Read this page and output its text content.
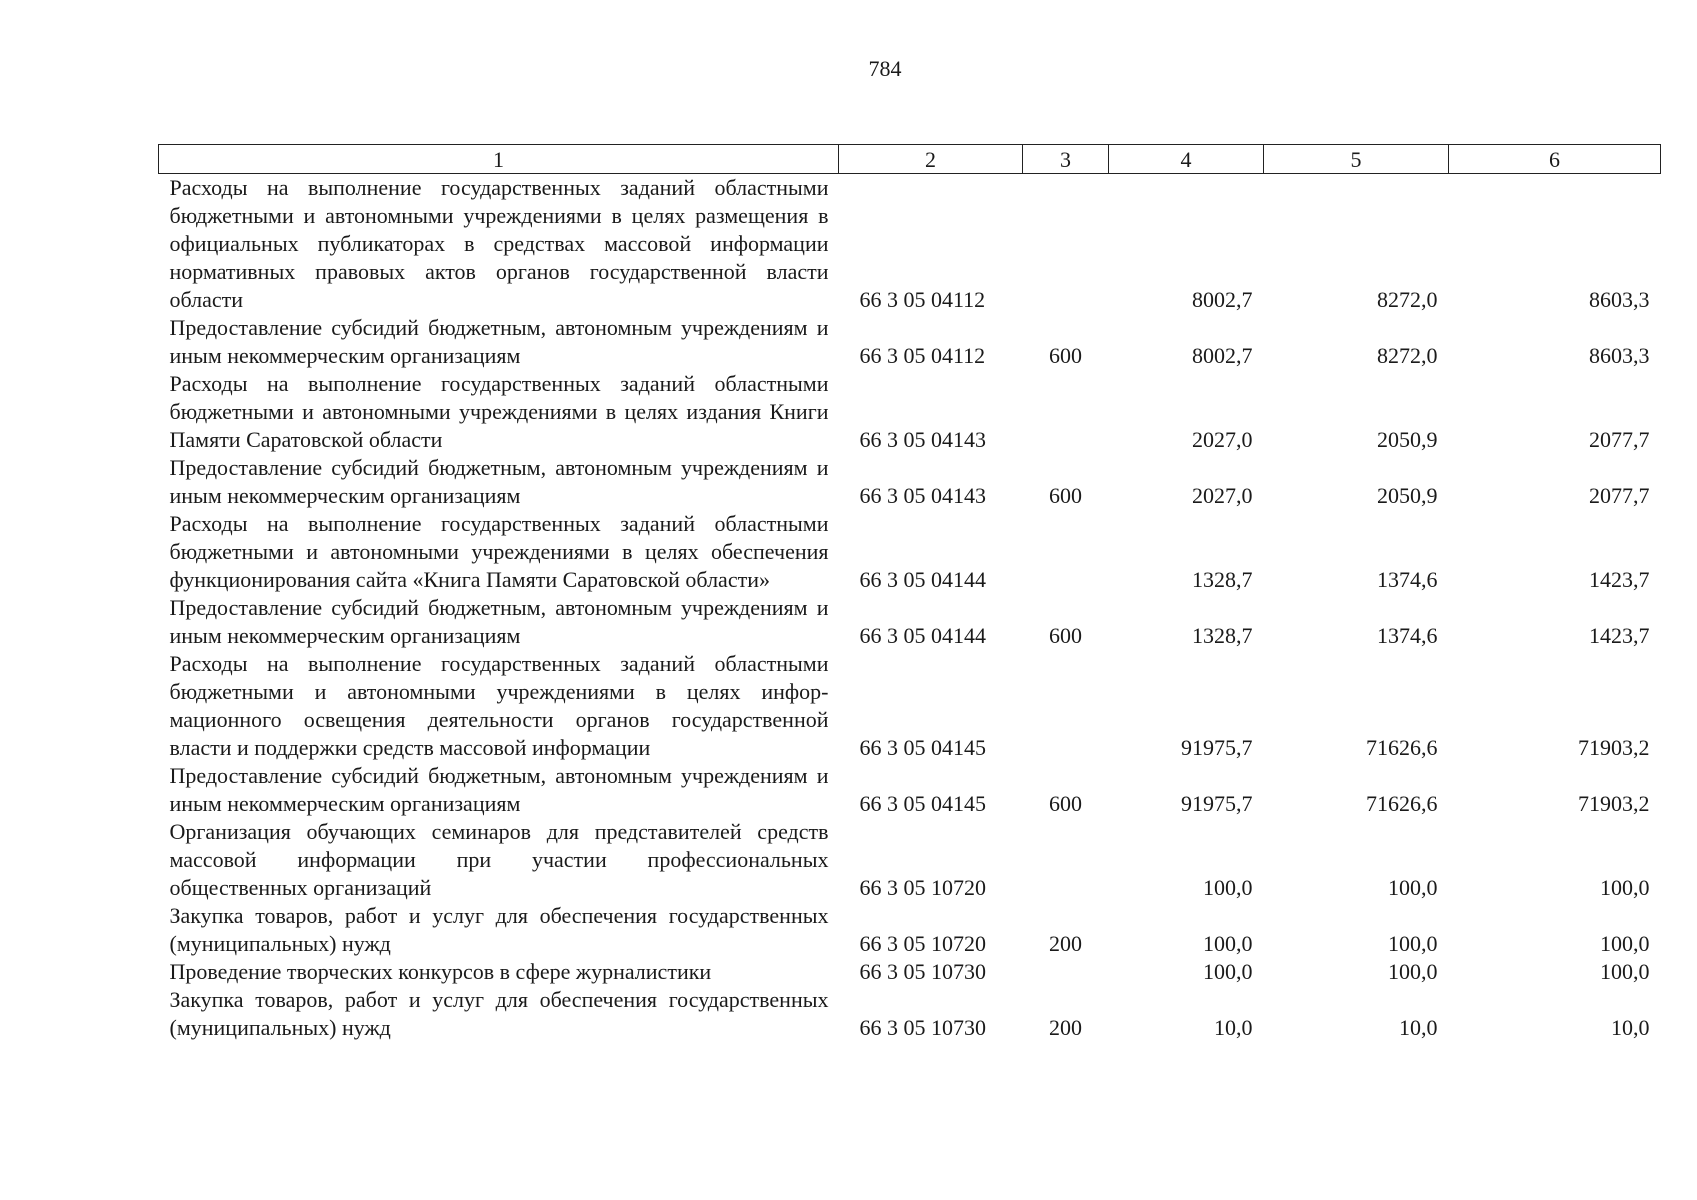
784
1	2	3	4	5	6
Расходы на выполнение государственных заданий областными бюджетными и автономными учреждениями в целях размещения в официальных публикаторах в средствах массовой информации нормативных правовых актов органов государственной власти области	66 3 05 04112		8002,7	8272,0	8603,3
Предоставление субсидий бюджетным, автономным учреждениям и иным некоммерческим организациям	66 3 05 04112	600	8002,7	8272,0	8603,3
Расходы на выполнение государственных заданий областными бюджетными и автономными учреждениями в целях издания Книги Памяти Саратовской области	66 3 05 04143		2027,0	2050,9	2077,7
Предоставление субсидий бюджетным, автономным учреждениям и иным некоммерческим организациям	66 3 05 04143	600	2027,0	2050,9	2077,7
Расходы на выполнение государственных заданий областными бюджетными и автономными учреждениями в целях обеспечения функционирования сайта «Книга Памяти Саратовской области»	66 3 05 04144		1328,7	1374,6	1423,7
Предоставление субсидий бюджетным, автономным учреждениям и иным некоммерческим организациям	66 3 05 04144	600	1328,7	1374,6	1423,7
Расходы на выполнение государственных заданий областными бюджетными и автономными учреждениями в целях информационного освещения деятельности органов государственной власти и поддержки средств массовой информации	66 3 05 04145		91975,7	71626,6	71903,2
Предоставление субсидий бюджетным, автономным учреждениям и иным некоммерческим организациям	66 3 05 04145	600	91975,7	71626,6	71903,2
Организация обучающих семинаров для представителей средств массовой информации при участии профессиональных общественных организаций	66 3 05 10720		100,0	100,0	100,0
Закупка товаров, работ и услуг для обеспечения государственных (муниципальных) нужд	66 3 05 10720	200	100,0	100,0	100,0
Проведение творческих конкурсов в сфере журналистики	66 3 05 10730		100,0	100,0	100,0
Закупка товаров, работ и услуг для обеспечения государственных (муниципальных) нужд	66 3 05 10730	200	10,0	10,0	10,0
